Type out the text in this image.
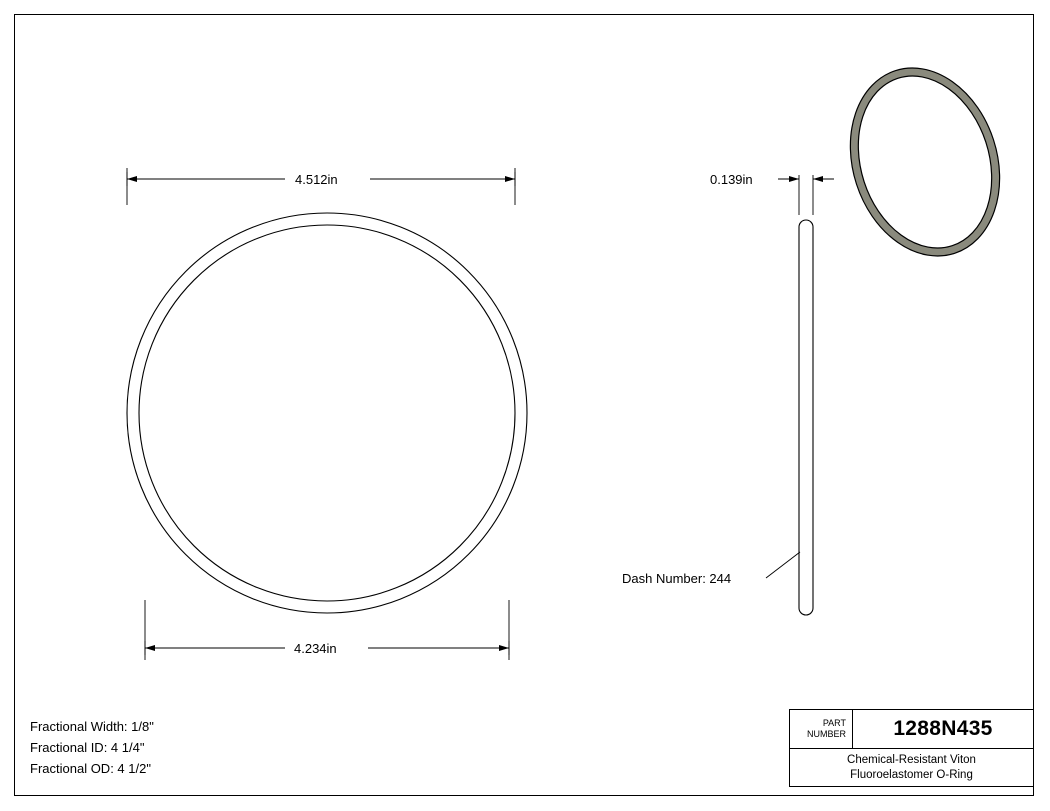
4.512in
4.234in
0.139in
Dash Number: 244
Fractional Width: 1/8"
Fractional ID: 4 1/4"
Fractional OD: 4 1/2"
PART
NUMBER	1288N435
Chemical-Resistant Viton
Fluoroelastomer O-Ring
